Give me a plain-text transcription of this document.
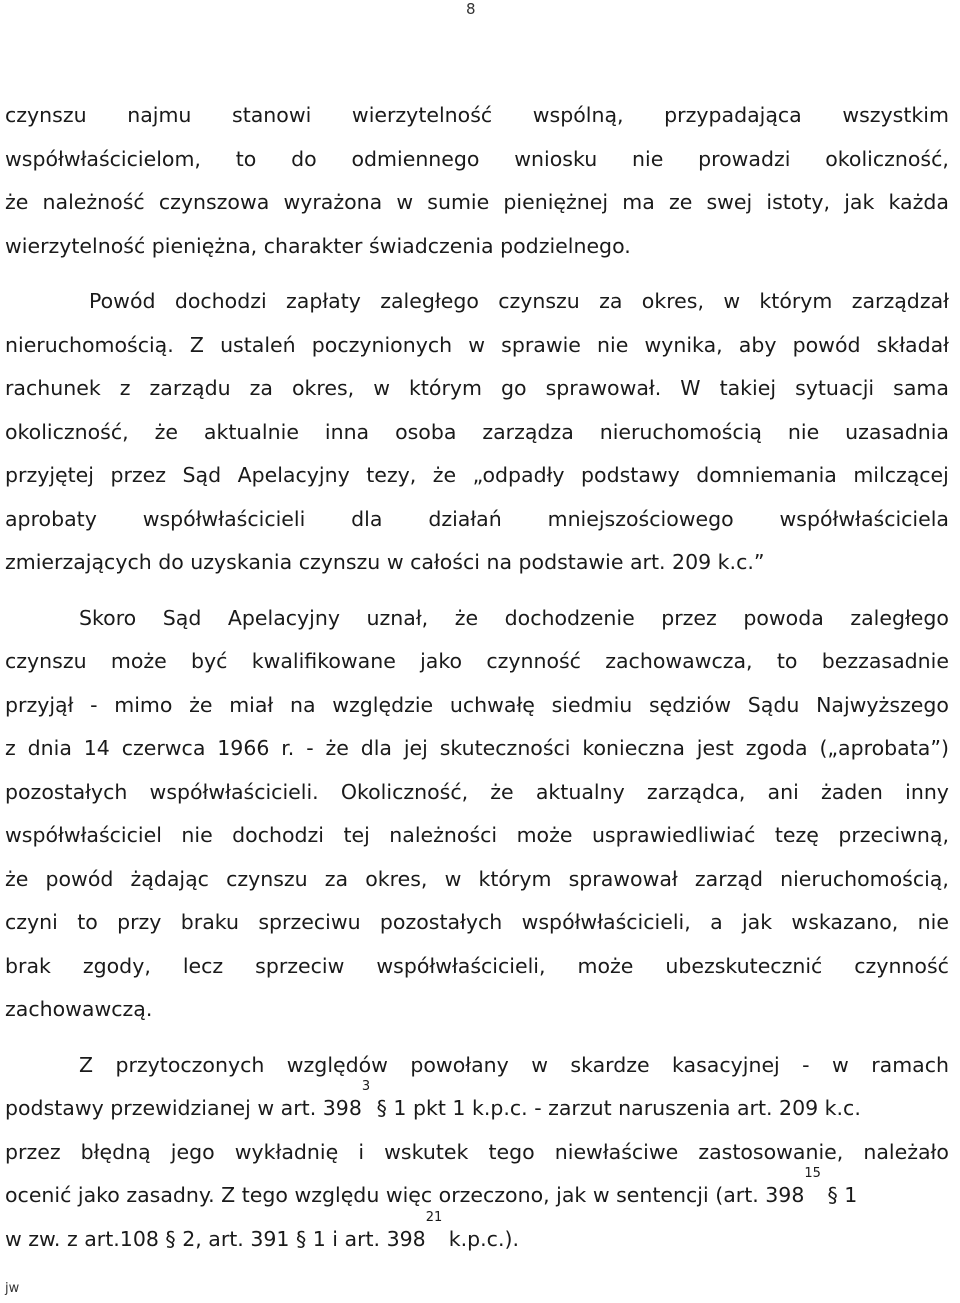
8
czynszu najmu stanowi wierzytelność wspólną, przypadająca wszystkim
współwłaścicielom, to do odmiennego wniosku nie prowadzi okoliczność,
że należność czynszowa wyrażona w sumie pieniężnej ma ze swej istoty, jak każda
wierzytelność pieniężna, charakter świadczenia podzielnego.
Powód dochodzi zapłaty zaległego czynszu za okres, w którym zarządzał
nieruchomością. Z ustaleń poczynionych w sprawie nie wynika, aby powód składał
rachunek z zarządu za okres, w którym go sprawował. W takiej sytuacji sama
okoliczność, że aktualnie inna osoba zarządza nieruchomością nie uzasadnia
przyjętej przez Sąd Apelacyjny tezy, że „odpadły podstawy domniemania milczącej
aprobaty współwłaścicieli dla działań mniejszościowego współwłaściciela
zmierzających do uzyskania czynszu w całości na podstawie art. 209 k.c.”
Skoro Sąd Apelacyjny uznał, że dochodzenie przez powoda zaległego
czynszu może być kwalifikowane jako czynność zachowawcza, to bezzasadnie
przyjął - mimo że miał na względzie uchwałę siedmiu sędziów Sądu Najwyższego
z dnia 14 czerwca 1966 r. - że dla jej skuteczności konieczna jest zgoda („aprobata”)
pozostałych współwłaścicieli. Okoliczność, że aktualny zarządca, ani żaden inny
współwłaściciel nie dochodzi tej należności może usprawiedliwiać tezę przeciwną,
że powód żądając czynszu za okres, w którym sprawował zarząd nieruchomością,
czyni to przy braku sprzeciwu pozostałych współwłaścicieli, a jak wskazano, nie
brak zgody, lecz sprzeciw współwłaścicieli, może ubezskutecznić czynność
zachowawczą.
Z przytoczonych względów powołany w skardze kasacyjnej - w ramach
podstawy przewidzianej w art. 398
3
§ 1 pkt 1 k.p.c. - zarzut naruszenia art. 209 k.c.
przez błędną jego wykładnię i wskutek tego niewłaściwe zastosowanie, należało
ocenić jako zasadny. Z tego względu więc orzeczono, jak w sentencji (art. 398
15
§ 1
w zw. z art.108 § 2, art. 391 § 1 i art. 398
21
k.p.c.).
jw
